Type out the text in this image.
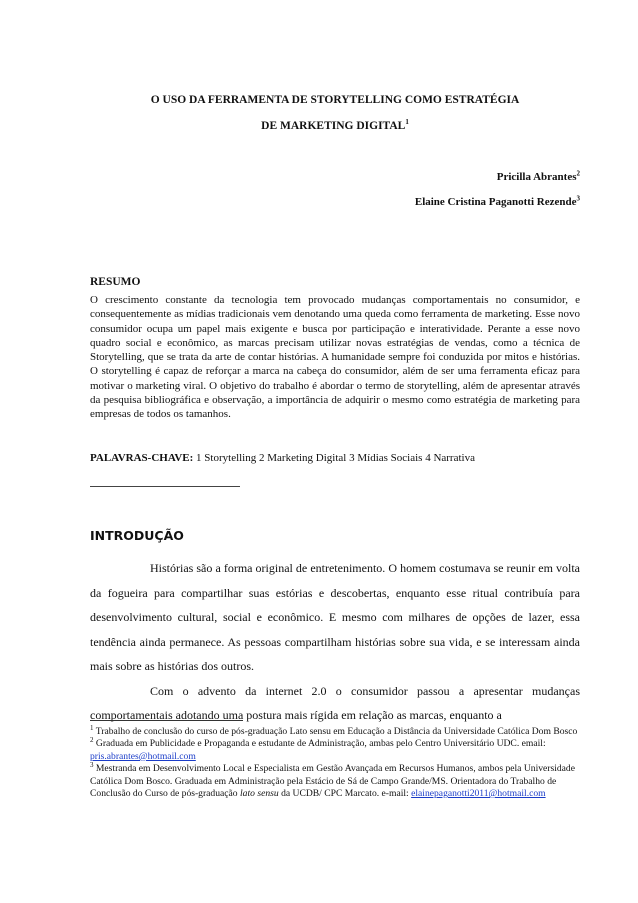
O USO DA FERRAMENTA DE STORYTELLING COMO ESTRATÉGIA
DE MARKETING DIGITAL$^1$
Pricilla Abrantes$^2$
Elaine Cristina Paganotti Rezende$^3$
RESUMO
O crescimento constante da tecnologia tem provocado mudanças comportamentais no consumidor, e consequentemente as mídias tradicionais vem denotando uma queda como ferramenta de marketing. Esse novo consumidor ocupa um papel mais exigente e busca por participação e interatividade. Perante a esse novo quadro social e econômico, as marcas precisam utilizar novas estratégias de vendas, como a técnica de Storytelling, que se trata da arte de contar histórias. A humanidade sempre foi conduzida por mitos e histórias. O storytelling é capaz de reforçar a marca na cabeça do consumidor, além de ser uma ferramenta eficaz para motivar o marketing viral. O objetivo do trabalho é abordar o termo de storytelling, além de apresentar através da pesquisa bibliográfica e observação, a importância de adquirir o mesmo como estratégia de marketing para empresas de todos os tamanhos.
PALAVRAS-CHAVE: 1 Storytelling 2 Marketing Digital 3 Mídias Sociais 4 Narrativa
INTRODUÇÃO

Histórias são a forma original de entretenimento. O homem costumava se reunir em volta da fogueira para compartilhar suas estórias e descobertas, enquanto esse ritual contribuía para desenvolvimento cultural, social e econômico. E mesmo com milhares de opções de lazer, essa tendência ainda permanece. As pessoas compartilham histórias sobre sua vida, e se interessam ainda mais sobre as histórias dos outros.

Com o advento da internet 2.0 o consumidor passou a apresentar mudanças comportamentais adotando uma postura mais rígida em relação as marcas, enquanto a

$^1$ Trabalho de conclusão do curso de pós-graduação Lato sensu em Educação a Distância da Universidade Católica Dom Bosco

$^2$ Graduada em Publicidade e Propaganda e estudante de Administração, ambas pelo Centro Universitário UDC. email: pris.abrantes@hotmail.com

$^3$ Mestranda em Desenvolvimento Local e Especialista em Gestão Avançada em Recursos Humanos, ambos pela Universidade Católica Dom Bosco. Graduada em Administração pela Estácio de Sá de Campo Grande/MS. Orientadora do Trabalho de Conclusão do Curso de pós-graduação lato sensu da UCDB/ CPC Marcato. e-mail: elainepaganotti2011@hotmail.com
